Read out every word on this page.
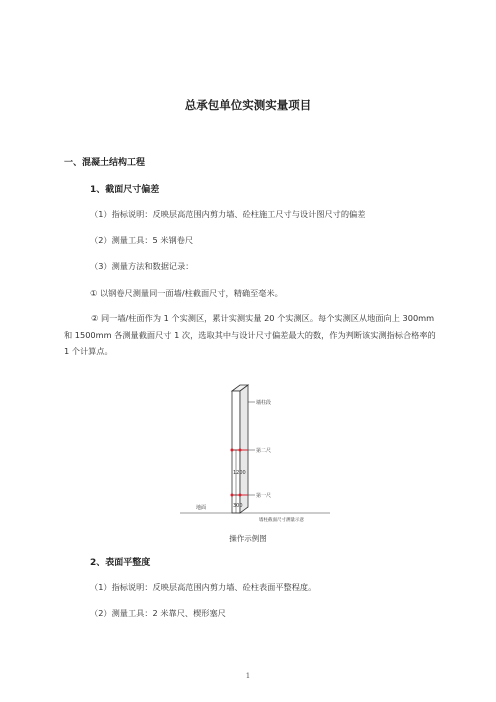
总承包单位实测实量项目
一、混凝土结构工程
1、截面尺寸偏差
（1）指标说明：反映层高范围内剪力墙、砼柱施工尺寸与设计图尺寸的偏差
（2）测量工具：5 米钢卷尺
（3）测量方法和数据记录：
① 以钢卷尺测量同一面墙/柱截面尺寸，精确至毫米。
② 同一墙/柱面作为 1 个实测区，累计实测实量 20 个实测区。每个实测区从地面向上 300mm 和 1500mm 各测量截面尺寸 1 次，选取其中与设计尺寸偏差最大的数，作为判断该实测指标合格率的 1 个计算点。
墙柱段
第二尺
第一尺
1200
300
地面
墙柱截面尺寸测量示意
操作示例图
2、表面平整度
（1）指标说明：反映层高范围内剪力墙、砼柱表面平整程度。
（2）测量工具：2 米靠尺、楔形塞尺
1
